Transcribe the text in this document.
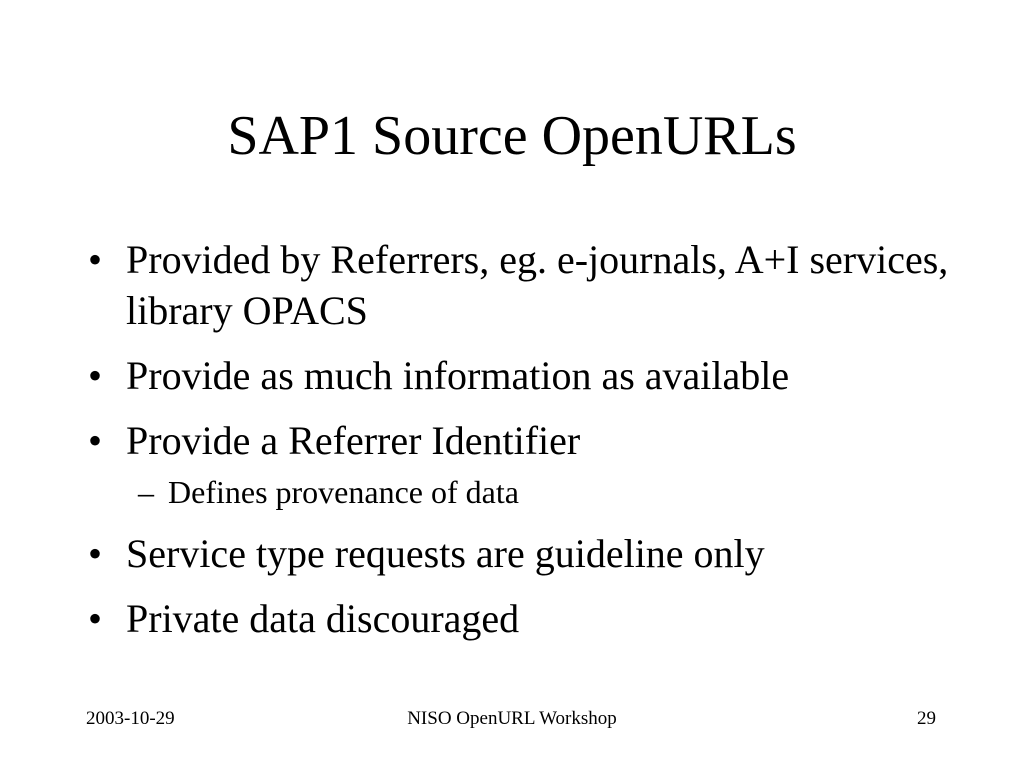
SAP1 Source OpenURLs
• Provided by Referrers, eg. e-journals, A+I services, library OPACS
• Provide as much information as available
• Provide a Referrer Identifier
– Defines provenance of data
• Service type requests are guideline only
• Private data discouraged

NISO OpenURL Workshop

2003-10-29	29
